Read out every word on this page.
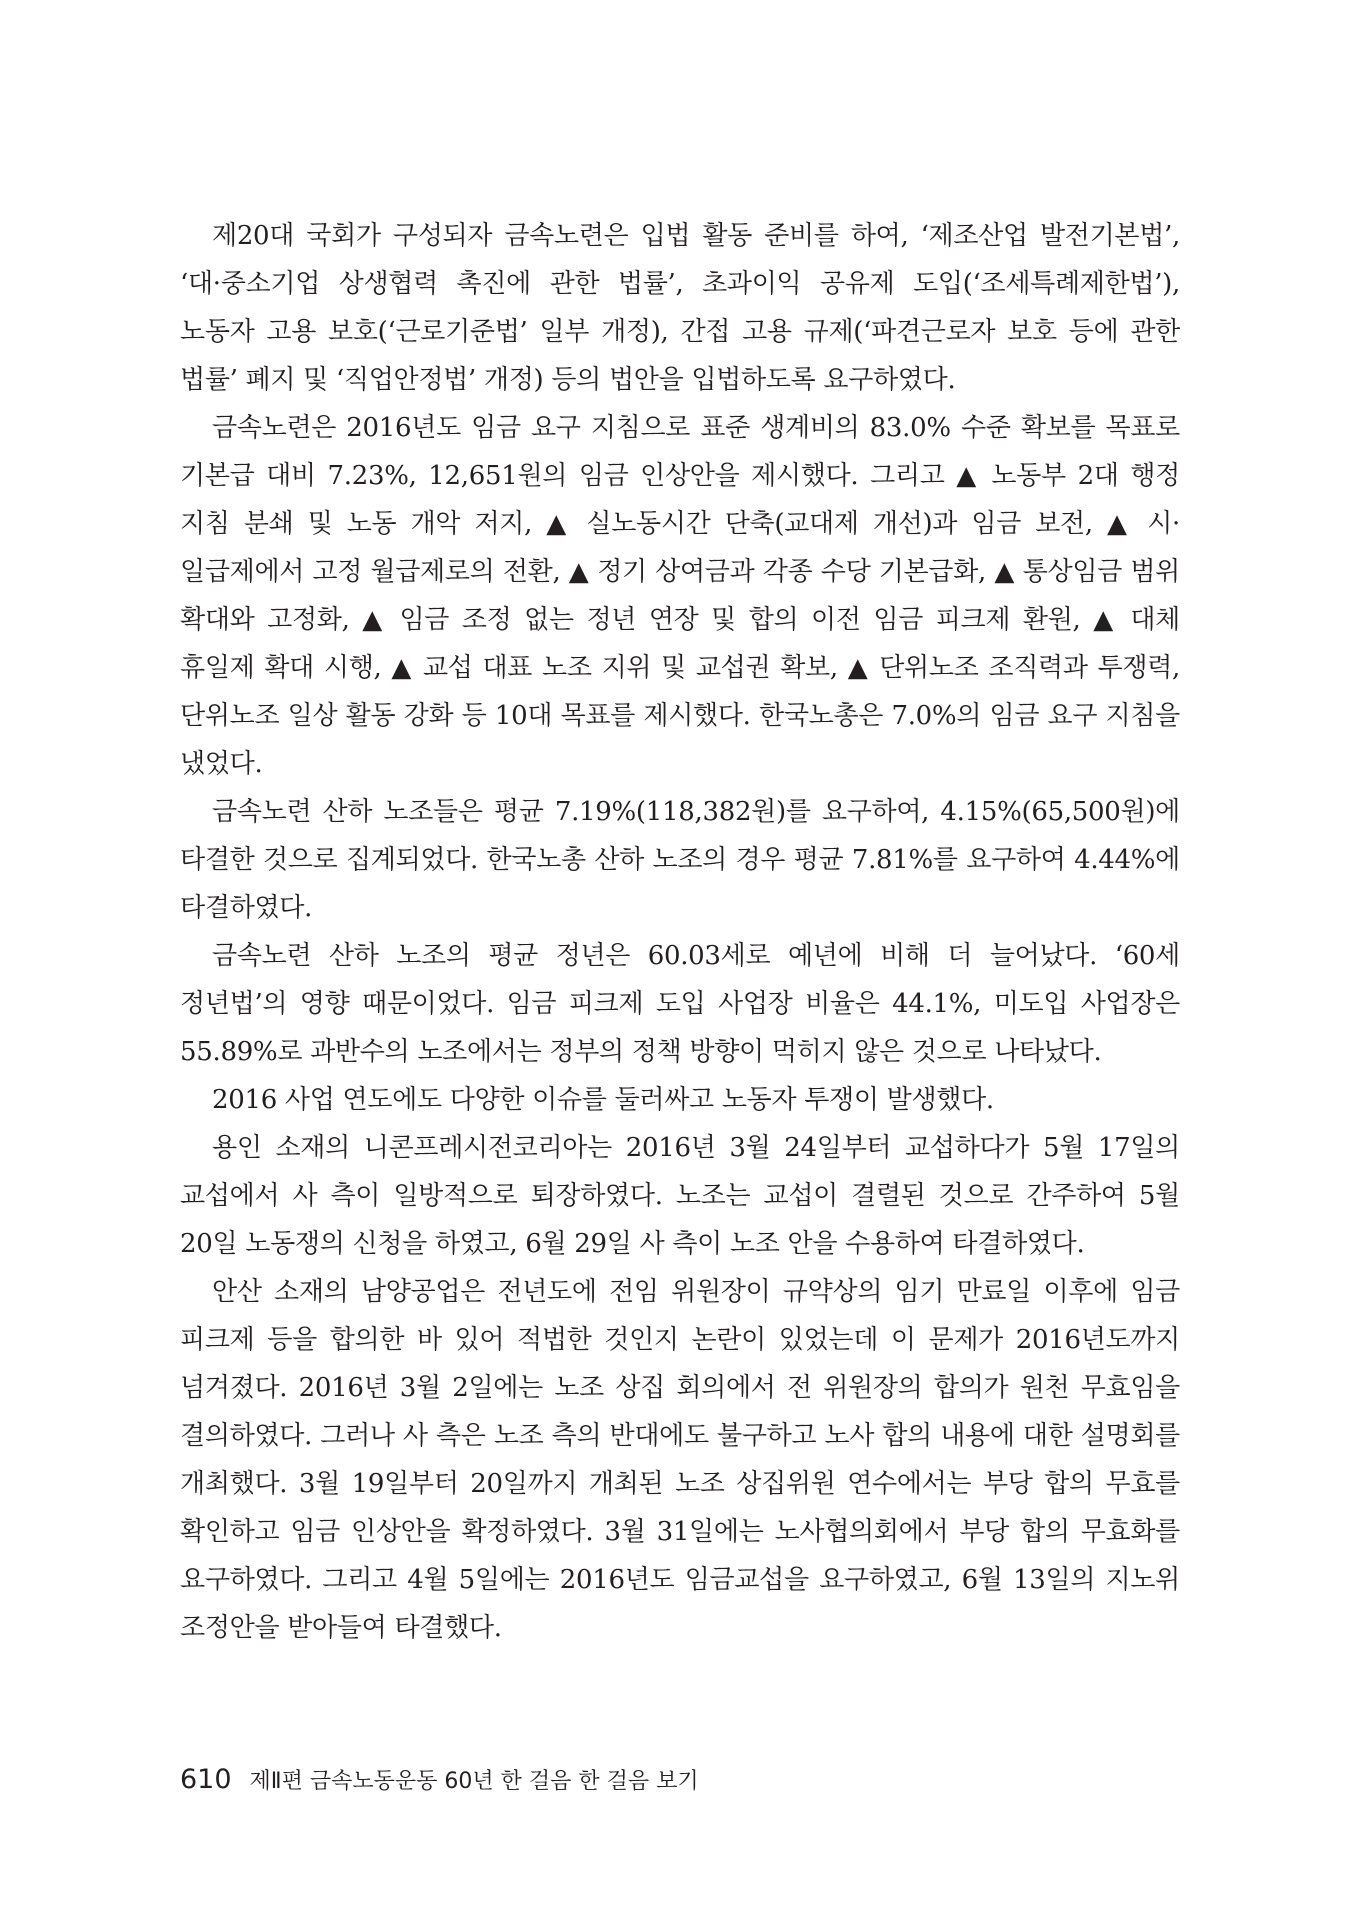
제20대 국회가 구성되자 금속노련은 입법 활동 준비를 하여, ‘제조산업 발전기본법’, ‘대·중소기업 상생협력 촉진에 관한 법률’, 초과이익 공유제 도입(‘조세특례제한법’), 노동자 고용 보호(‘근로기준법’ 일부 개정), 간접 고용 규제(‘파견근로자 보호 등에 관한 법률’ 폐지 및 ‘직업안정법’ 개정) 등의 법안을 입법하도록 요구하였다.

금속노련은 2016년도 임금 요구 지침으로 표준 생계비의 83.0% 수준 확보를 목표로 기본급 대비 7.23%, 12,651원의 임금 인상안을 제시했다. 그리고 ▲ 노동부 2대 행정 지침 분쇄 및 노동 개악 저지, ▲ 실노동시간 단축(교대제 개선)과 임금 보전, ▲ 시·일급제에서 고정 월급제로의 전환, ▲ 정기 상여금과 각종 수당 기본급화, ▲ 통상임금 범위 확대와 고정화, ▲ 임금 조정 없는 정년 연장 및 합의 이전 임금 피크제 환원, ▲ 대체 휴일제 확대 시행, ▲ 교섭 대표 노조 지위 및 교섭권 확보, ▲ 단위노조 조직력과 투쟁력, 단위노조 일상 활동 강화 등 10대 목표를 제시했다. 한국노총은 7.0%의 임금 요구 지침을 냈었다.

금속노련 산하 노조들은 평균 7.19%(118,382원)를 요구하여, 4.15%(65,500원)에 타결한 것으로 집계되었다. 한국노총 산하 노조의 경우 평균 7.81%를 요구하여 4.44%에 타결하였다.

금속노련 산하 노조의 평균 정년은 60.03세로 예년에 비해 더 늘어났다. ‘60세 정년법’의 영향 때문이었다. 임금 피크제 도입 사업장 비율은 44.1%, 미도입 사업장은 55.89%로 과반수의 노조에서는 정부의 정책 방향이 먹히지 않은 것으로 나타났다.

2016 사업 연도에도 다양한 이슈를 둘러싸고 노동자 투쟁이 발생했다.

용인 소재의 니콘프레시전코리아는 2016년 3월 24일부터 교섭하다가 5월 17일의 교섭에서 사 측이 일방적으로 퇴장하였다. 노조는 교섭이 결렬된 것으로 간주하여 5월 20일 노동쟁의 신청을 하였고, 6월 29일 사 측이 노조 안을 수용하여 타결하였다.

안산 소재의 남양공업은 전년도에 전임 위원장이 규약상의 임기 만료일 이후에 임금 피크제 등을 합의한 바 있어 적법한 것인지 논란이 있었는데 이 문제가 2016년도까지 넘겨졌다. 2016년 3월 2일에는 노조 상집 회의에서 전 위원장의 합의가 원천 무효임을 결의하였다. 그러나 사 측은 노조 측의 반대에도 불구하고 노사 합의 내용에 대한 설명회를 개최했다. 3월 19일부터 20일까지 개최된 노조 상집위원 연수에서는 부당 합의 무효를 확인하고 임금 인상안을 확정하였다. 3월 31일에는 노사협의회에서 부당 합의 무효화를 요구하였다. 그리고 4월 5일에는 2016년도 임금교섭을 요구하였고, 6월 13일의 지노위 조정안을 받아들여 타결했다.

610 제Ⅱ편 금속노동운동 60년 한 걸음 한 걸음 보기
